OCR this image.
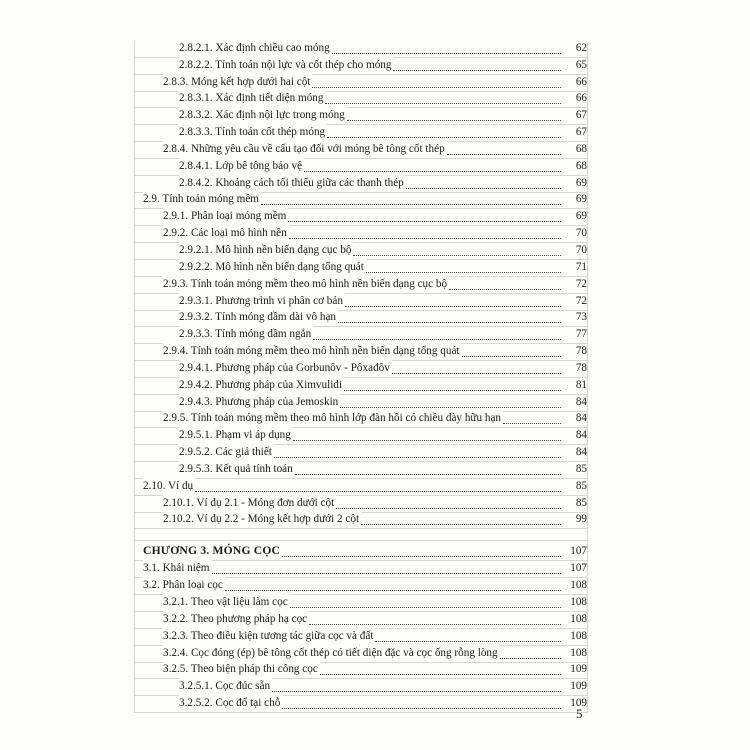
2.8.2.1. Xác định chiều cao móng	62
2.8.2.2. Tính toán nội lực và cốt thép cho móng	65
2.8.3. Móng kết hợp dưới hai cột	66
2.8.3.1. Xác định tiết diện móng	66
2.8.3.2. Xác định nội lực trong móng	67
2.8.3.3. Tính toán cốt thép móng	67
2.8.4. Những yêu cầu về cấu tạo đối với móng bê tông cốt thép	68
2.8.4.1. Lớp bê tông bảo vệ	68
2.8.4.2. Khoảng cách tối thiểu giữa các thanh thép	69
2.9. Tính toán móng mềm	69
2.9.1. Phân loại móng mềm	69
2.9.2. Các loại mô hình nền	70
2.9.2.1. Mô hình nền biến dạng cục bộ	70
2.9.2.2. Mô hình nền biến dạng tổng quát	71
2.9.3. Tính toán móng mềm theo mô hình nền biến dạng cục bộ	72
2.9.3.1. Phương trình vi phân cơ bản	72
2.9.3.2. Tính móng dầm dài vô hạn	73
2.9.3.3. Tính móng dầm ngắn	77
2.9.4. Tính toán móng mềm theo mô hình nền biến dạng tổng quát	78
2.9.4.1. Phương pháp của Gorbunôv - Pôxađôv	78
2.9.4.2. Phương pháp của Ximvulidi	81
2.9.4.3. Phương pháp của Jemoskin	84
2.9.5. Tính toán móng mềm theo mô hình lớp đàn hồi có chiều dày hữu hạn	84
2.9.5.1. Phạm vi áp dụng	84
2.9.5.2. Các giả thiết	84
2.9.5.3. Kết quả tính toán	85
2.10. Ví dụ	85
2.10.1. Ví dụ 2.1 - Móng đơn dưới cột	85
2.10.2. Ví dụ 2.2 - Móng kết hợp dưới 2 cột	99
CHƯƠNG 3. MÓNG CỌC	107
3.1. Khái niệm	107
3.2. Phân loại cọc	108
3.2.1. Theo vật liệu làm cọc	108
3.2.2. Theo phương pháp hạ cọc	108
3.2.3. Theo điều kiện tương tác giữa cọc và đất	108
3.2.4. Cọc đóng (ép) bê tông cốt thép có tiết diện đặc và cọc ống rỗng lòng	108
3.2.5. Theo biện pháp thi công cọc	109
3.2.5.1. Cọc đúc sẵn	109
3.2.5.2. Cọc đổ tại chỗ	109
5
